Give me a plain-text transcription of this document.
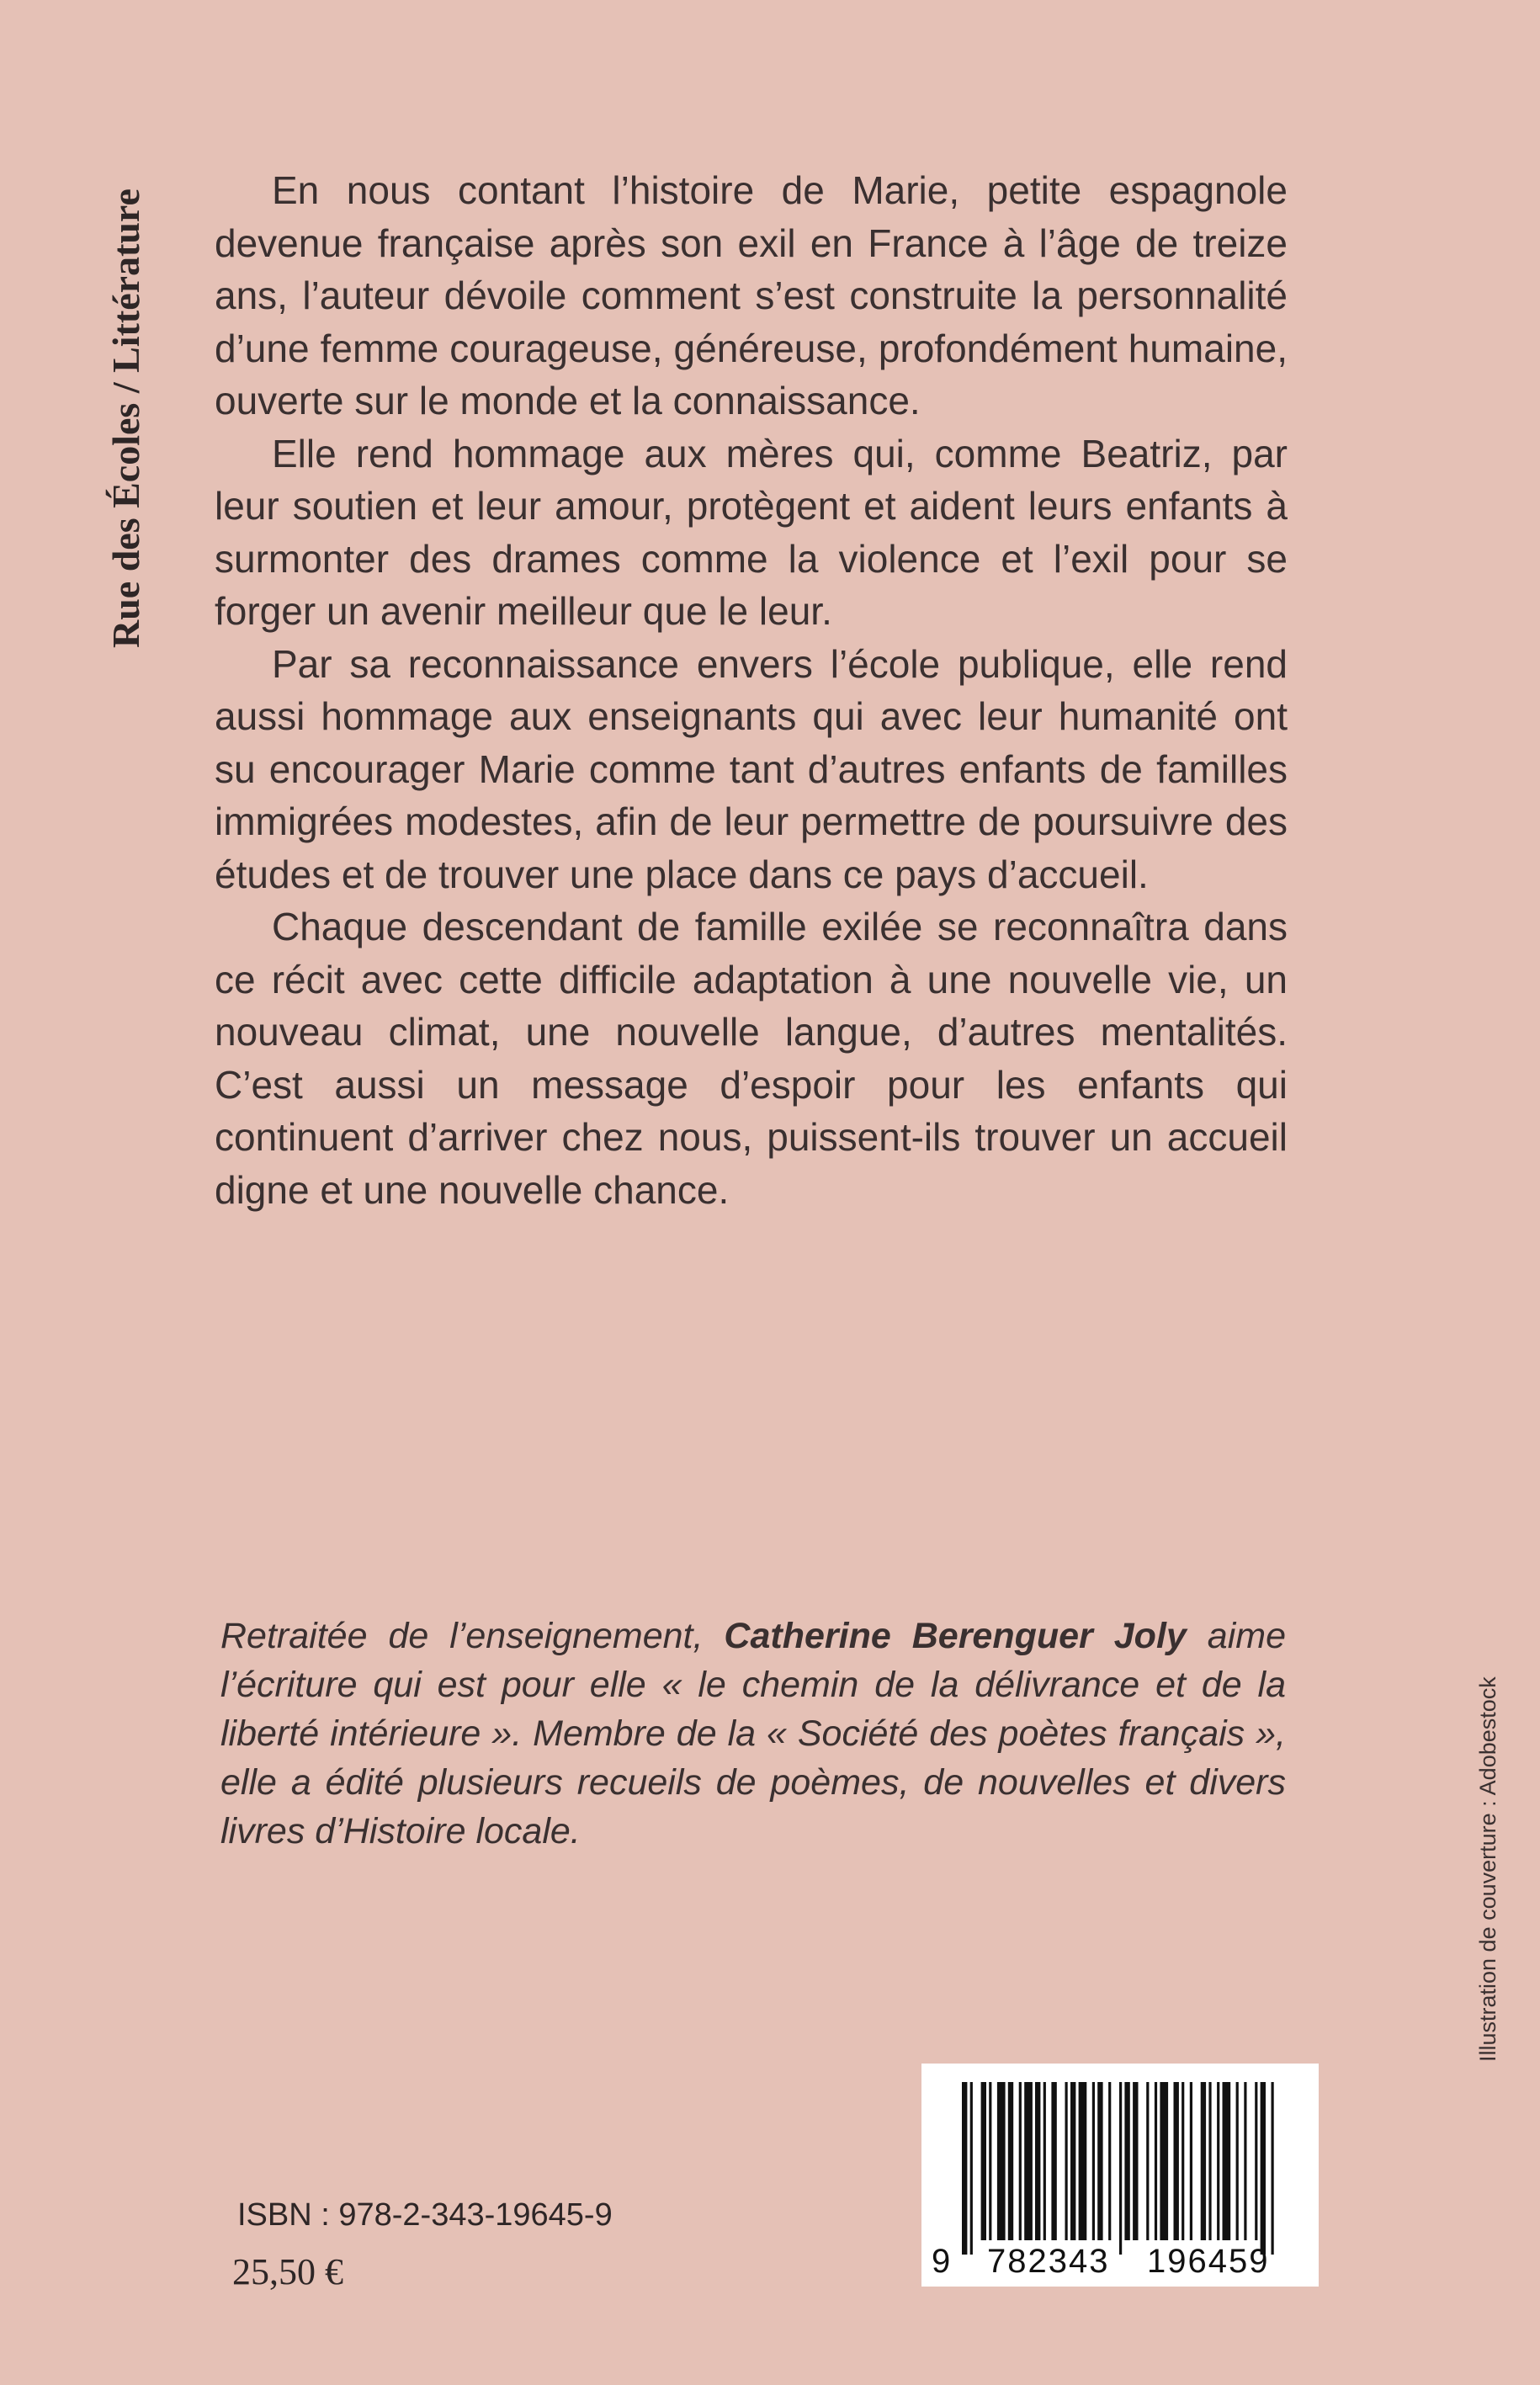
Rue des Écoles / Littérature	En nous contant l’histoire de Marie, petite espagnole devenue française après son exil en France à l’âge de treize ans, l’auteur dévoile comment s’est construite la personnalité d’une femme courageuse, généreuse, profondément humaine, ouverte sur le monde et la connaissance.

Elle rend hommage aux mères qui, comme Beatriz, par leur soutien et leur amour, protègent et aident leurs enfants à surmonter des drames comme la violence et l’exil pour se forger un avenir meilleur que le leur.

Par sa reconnaissance envers l’école publique, elle rend aussi hommage aux enseignants qui avec leur humanité ont su encourager Marie comme tant d’autres enfants de familles immigrées modestes, afin de leur permettre de poursuivre des études et de trouver une place dans ce pays d’accueil.

Chaque descendant de famille exilée se reconnaîtra dans ce récit avec cette difficile adaptation à une nouvelle vie, un nouveau climat, une nouvelle langue, d’autres mentalités. C’est aussi un message d’espoir pour les enfants qui continuent d’arriver chez nous, puissent-ils trouver un accueil digne et une nouvelle chance.

Retraitée de l’enseignement, Catherine Berenguer Joly aime l’écriture qui est pour elle « le chemin de la délivrance et de la liberté intérieure ». Membre de la « Société des poètes français », elle a édité plusieurs recueils de poèmes, de nouvelles et divers livres d’Histoire locale.	Illustration de couverture : Adobestock
9 782343 196459
ISBN : 978-2-343-19645-9
25,50 €
